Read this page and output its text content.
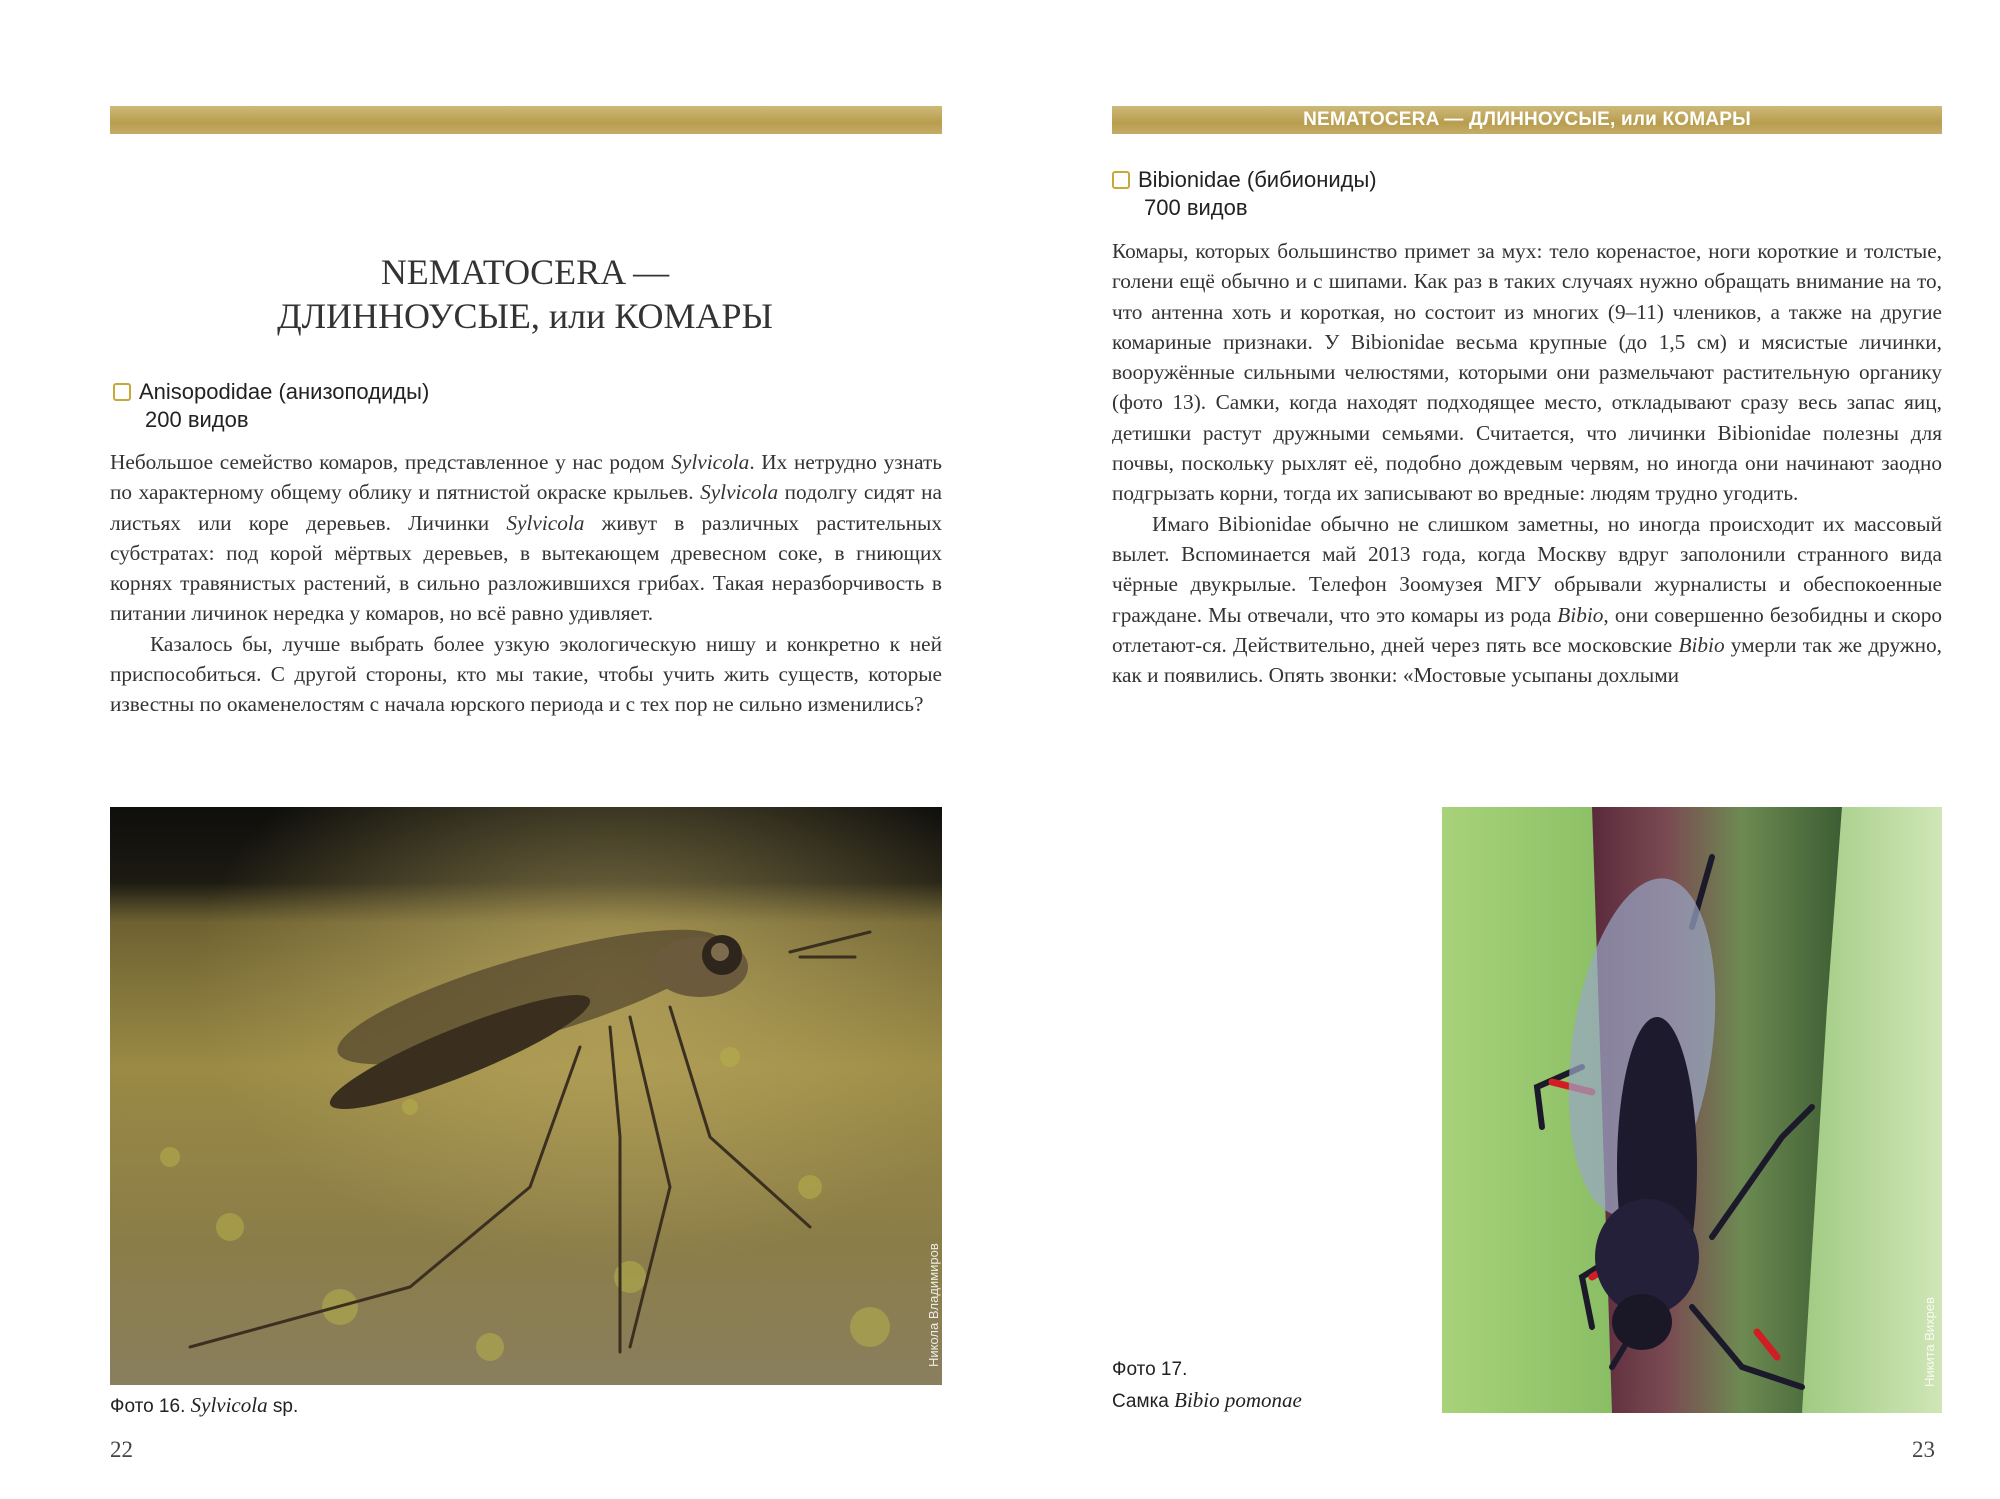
NEMATOCERA —
ДЛИННОУСЫЕ, или КОМАРЫ
Anisopodidae (анизоподиды)
200 видов

Небольшое семейство комаров, представленное у нас родом Sylvicola. Их нетрудно узнать по характерному общему облику и пятнистой окраске крыльев. Sylvicola подолгу сидят на листьях или коре деревьев. Личинки Sylvicola живут в различных растительных субстратах: под корой мёртвых деревьев, в вытекающем древесном соке, в гниющих корнях травянистых растений, в сильно разложившихся грибах. Такая неразборчивость в питании личинок нередка у комаров, но всё равно удивляет.

Казалось бы, лучше выбрать более узкую экологическую нишу и конкретно к ней приспособиться. С другой стороны, кто мы такие, чтобы учить жить существ, которые известны по окаменелостям с начала юрского периода и с тех пор не сильно изменились?

Никола Владимиров
Фото 16. Sylvicola sp.
22
NEMATOCERA — ДЛИННОУСЫЕ, или КОМАРЫ
Bibionidae (бибиониды)
700 видов

Комары, которых большинство примет за мух: тело коренастое, ноги короткие и толстые, голени ещё обычно и с шипами. Как раз в таких случаях нужно обращать внимание на то, что антенна хоть и короткая, но состоит из многих (9–11) члеников, а также на другие комариные признаки. У Bibionidae весьма крупные (до 1,5 см) и мясистые личинки, вооружённые сильными челюстями, которыми они размельчают растительную органику (фото 13). Самки, когда находят подходящее место, откладывают сразу весь запас яиц, детишки растут дружными семьями. Считается, что личинки Bibionidae полезны для почвы, поскольку рыхлят её, подобно дождевым червям, но иногда они начинают заодно подгрызать корни, тогда их записывают во вредные: людям трудно угодить.

Имаго Bibionidae обычно не слишком заметны, но иногда происходит их массовый вылет. Вспоминается май 2013 года, когда Москву вдруг заполонили странного вида чёрные двукрылые. Телефон Зоомузея МГУ обрывали журналисты и обеспокоенные граждане. Мы отвечали, что это комары из рода Bibio, они совершенно безобидны и скоро отлетают-ся. Действительно, дней через пять все московские Bibio умерли так же дружно, как и появились. Опять звонки: «Мостовые усыпаны дохлыми

Никита Вихрев
Фото 17.
Самка Bibio pomonae
23
